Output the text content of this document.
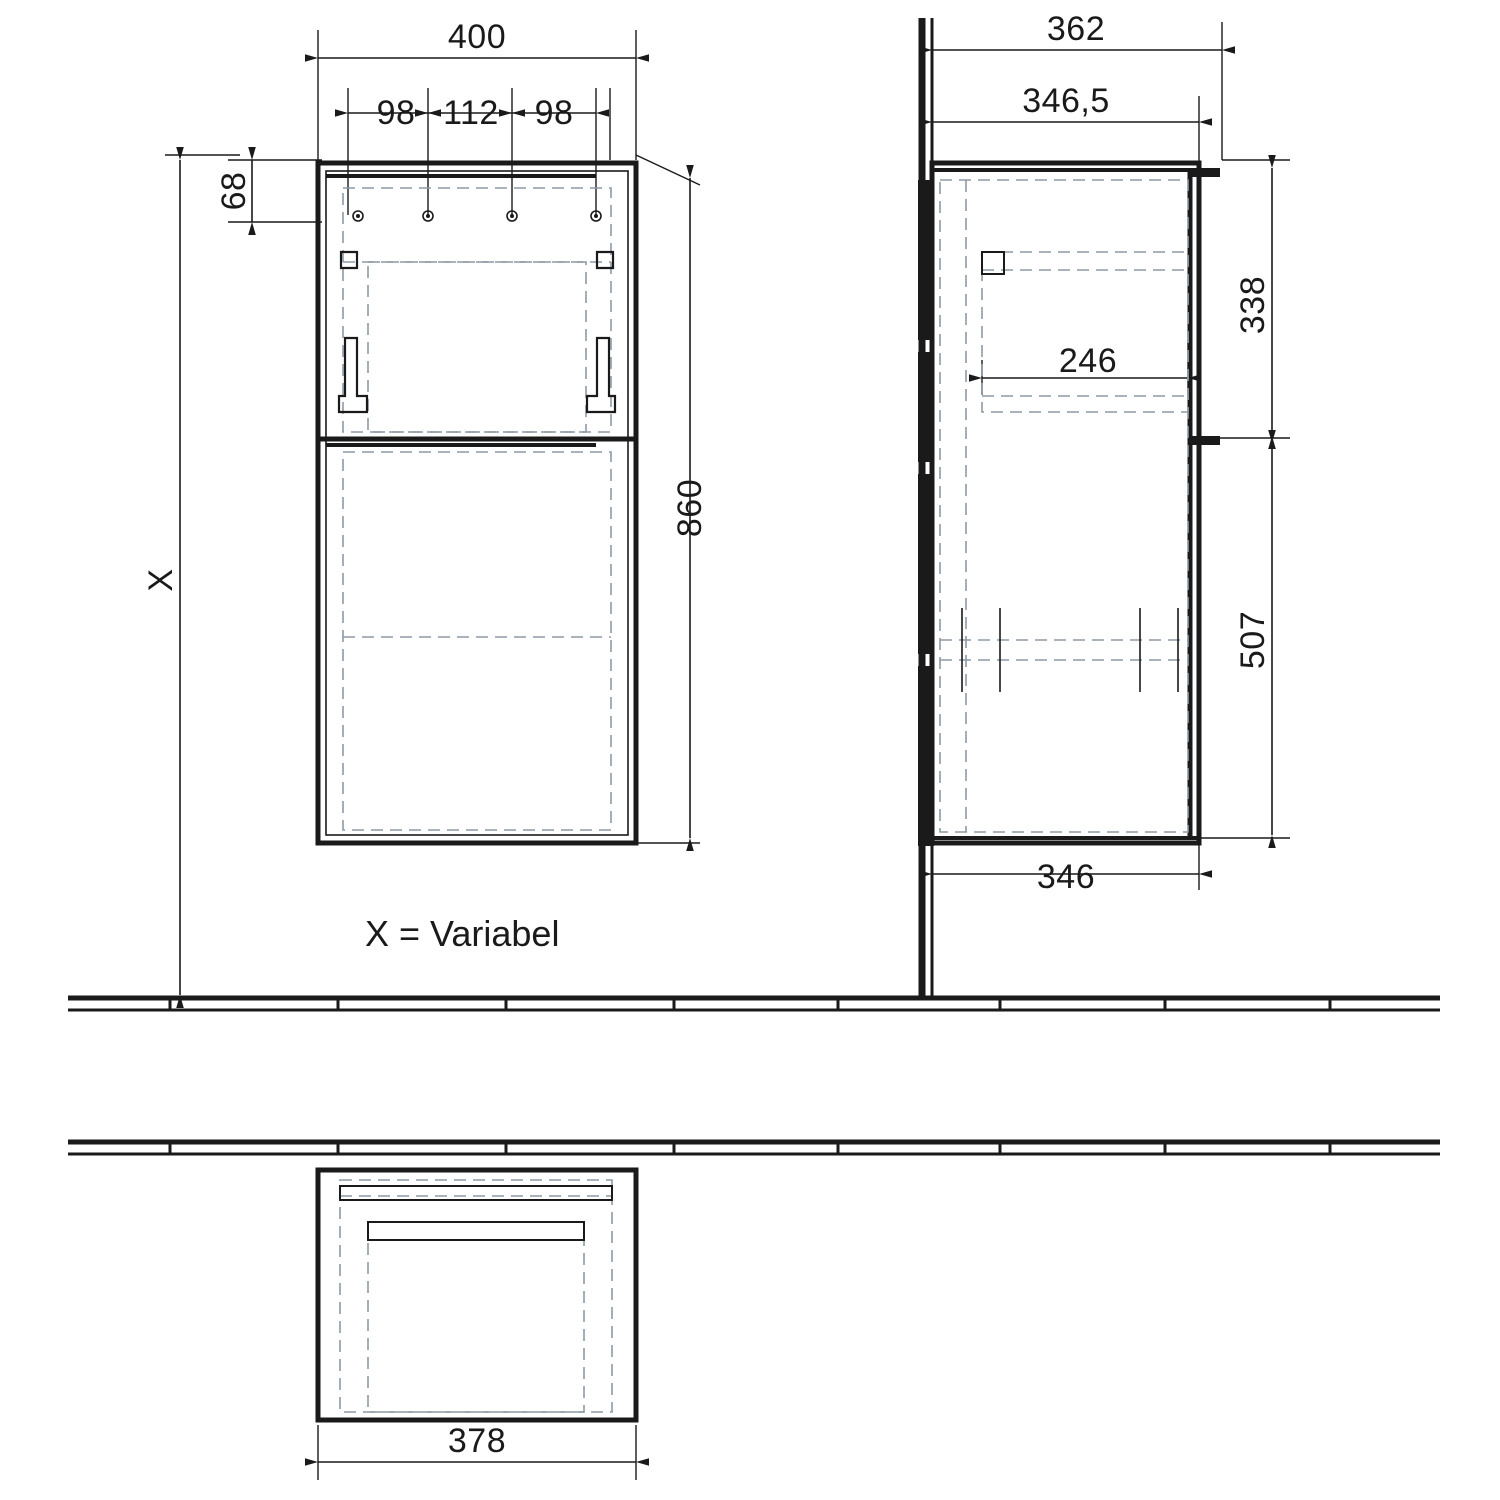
400
98 112 98
68
860
X
X = Variabel
362
346,5
338
507
346
246
378
